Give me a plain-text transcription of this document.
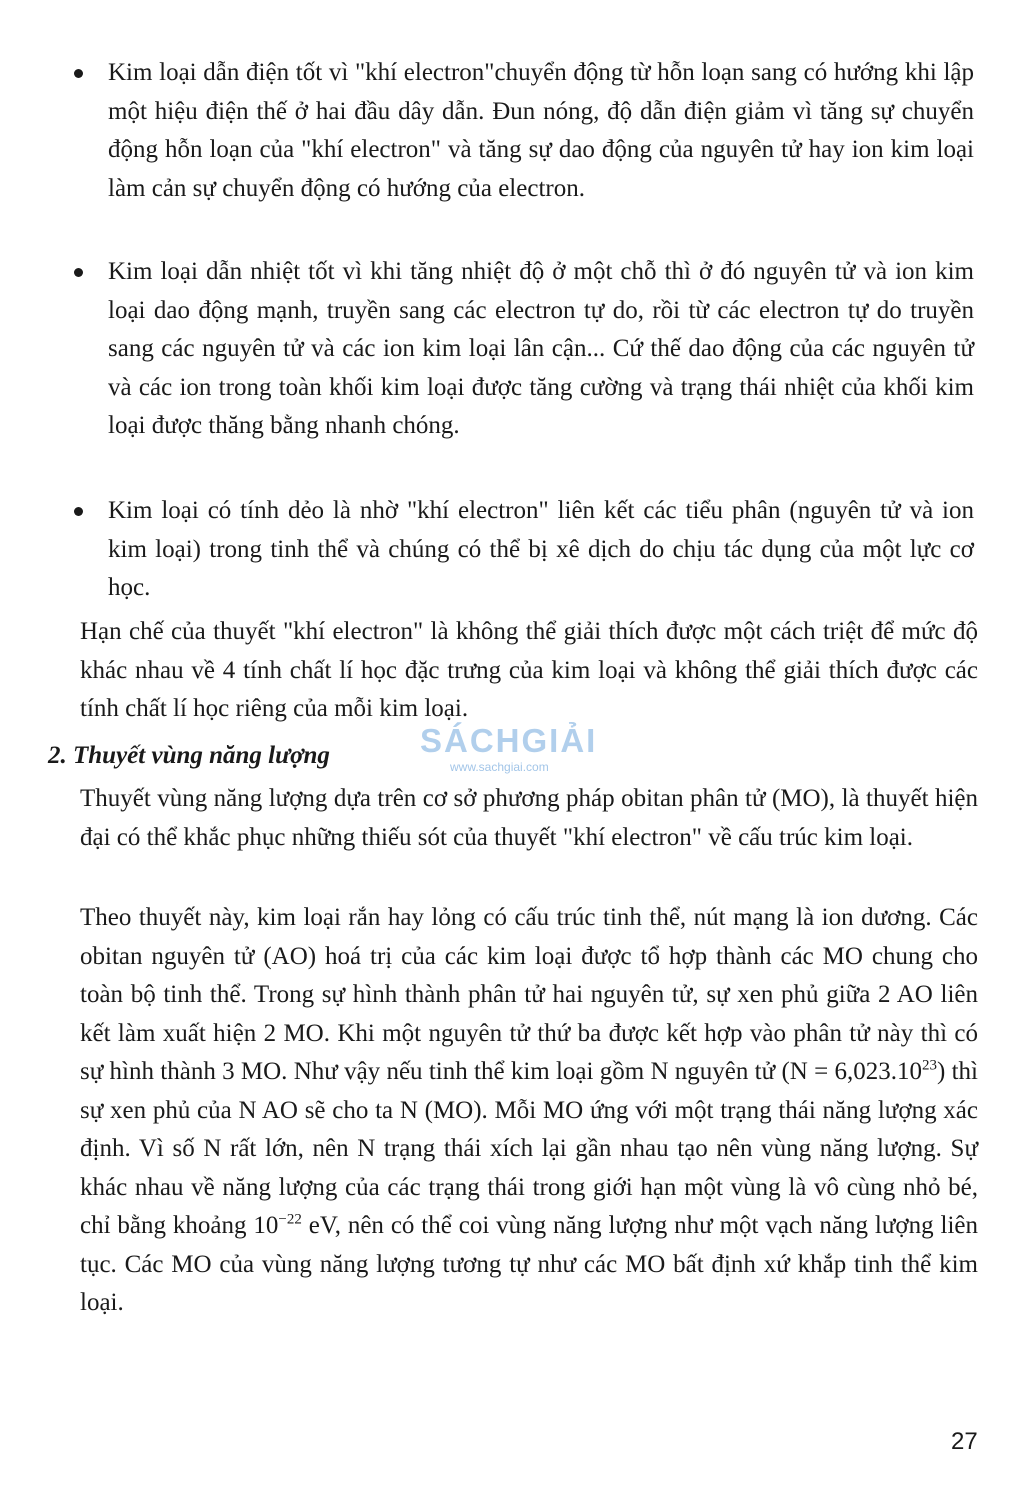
Kim loại dẫn điện tốt vì "khí electron"chuyển động từ hỗn loạn sang có hướng khi lập một hiệu điện thế ở hai đầu dây dẫn. Đun nóng, độ dẫn điện giảm vì tăng sự chuyển động hỗn loạn của "khí electron" và tăng sự dao động của nguyên tử hay ion kim loại làm cản sự chuyển động có hướng của electron.
Kim loại dẫn nhiệt tốt vì khi tăng nhiệt độ ở một chỗ thì ở đó nguyên tử và ion kim loại dao động mạnh, truyền sang các electron tự do, rồi từ các electron tự do truyền sang các nguyên tử và các ion kim loại lân cận... Cứ thế dao động của các nguyên tử và các ion trong toàn khối kim loại được tăng cường và trạng thái nhiệt của khối kim loại được thăng bằng nhanh chóng.
Kim loại có tính dẻo là nhờ "khí electron" liên kết các tiểu phân (nguyên tử và ion kim loại) trong tinh thể và chúng có thể bị xê dịch do chịu tác dụng của một lực cơ học.

Hạn chế của thuyết "khí electron" là không thể giải thích được một cách triệt để mức độ khác nhau về 4 tính chất lí học đặc trưng của kim loại và không thể giải thích được các tính chất lí học riêng của mỗi kim loại.

SÁCHGIẢI
www.sachgiai.com
2. Thuyết vùng năng lượng

Thuyết vùng năng lượng dựa trên cơ sở phương pháp obitan phân tử (MO), là thuyết hiện đại có thể khắc phục những thiếu sót của thuyết "khí electron" về cấu trúc kim loại.

Theo thuyết này, kim loại rắn hay lỏng có cấu trúc tinh thể, nút mạng là ion dương. Các obitan nguyên tử (AO) hoá trị của các kim loại được tổ hợp thành các MO chung cho toàn bộ tinh thể. Trong sự hình thành phân tử hai nguyên tử, sự xen phủ giữa 2 AO liên kết làm xuất hiện 2 MO. Khi một nguyên tử thứ ba được kết hợp vào phân tử này thì có sự hình thành 3 MO. Như vậy nếu tinh thể kim loại gồm N nguyên tử $(N = 6,023.10^{23})$ thì sự xen phủ của N AO sẽ cho ta N (MO). Mỗi MO ứng với một trạng thái năng lượng xác định. Vì số N rất lớn, nên N trạng thái xích lại gần nhau tạo nên vùng năng lượng. Sự khác nhau về năng lượng của các trạng thái trong giới hạn một vùng là vô cùng nhỏ bé, chỉ bằng khoảng $10^{-22}$ eV, nên có thể coi vùng năng lượng như một vạch năng lượng liên tục. Các MO của vùng năng lượng tương tự như các MO bất định xứ khắp tinh thể kim loại.

27
